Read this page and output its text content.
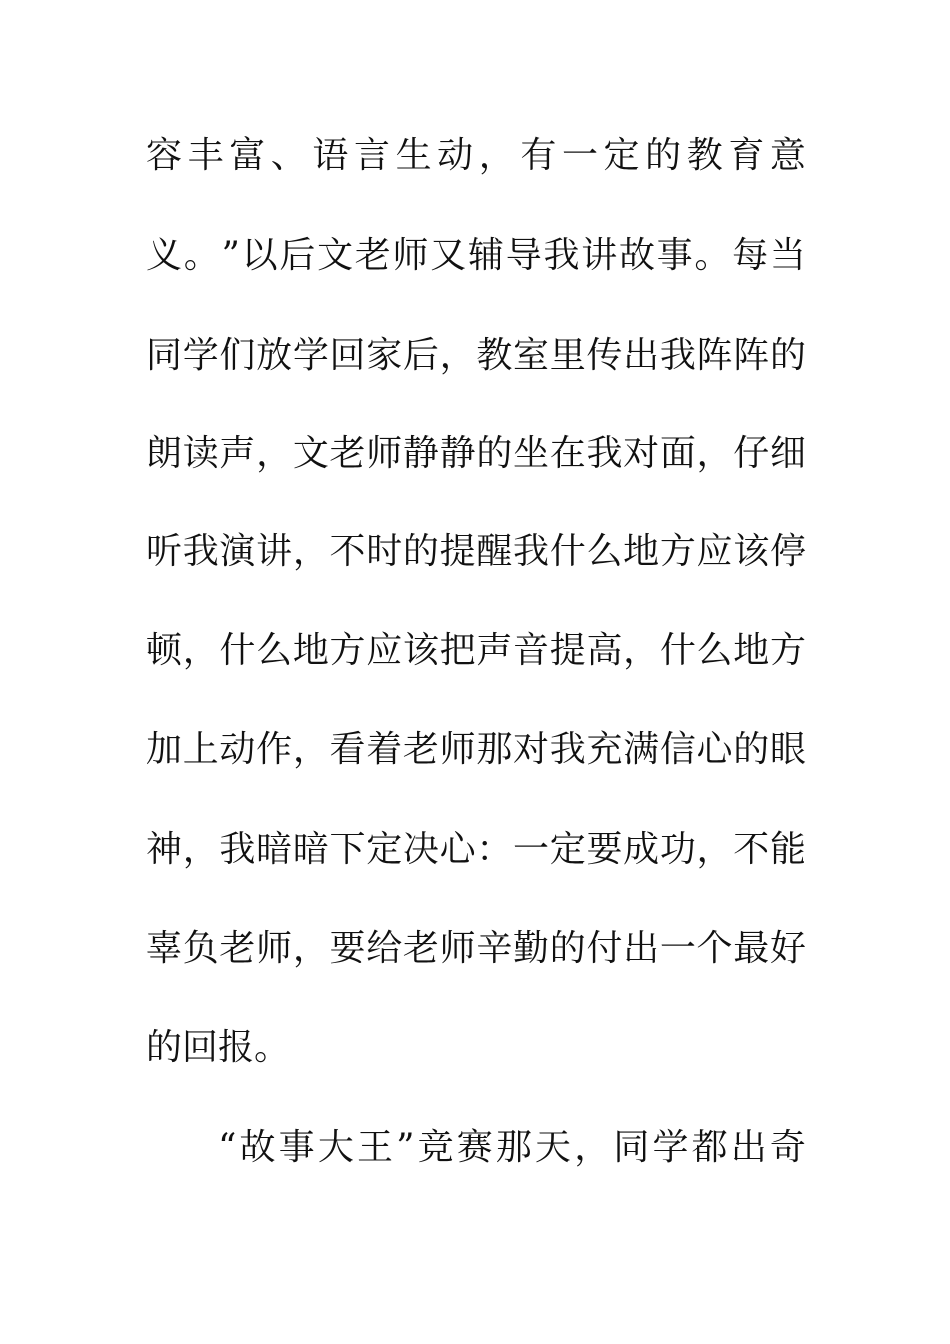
容 丰 富 、 语 言 生 动 ， 有 一 定 的 教 育 意
义 。 ” 以 后 文 老 师 又 辅 导 我 讲 故 事 。 每 当
同 学 们 放 学 回 家 后 ， 教 室 里 传 出 我 阵 阵 的
朗 读 声 ， 文 老 师 静 静 的 坐 在 我 对 面 ， 仔 细
听 我 演 讲 ， 不 时 的 提 醒 我 什 么 地 方 应 该 停
顿 ， 什 么 地 方 应 该 把 声 音 提 高 ， 什 么 地 方
加 上 动 作 ， 看 着 老 师 那 对 我 充 满 信 心 的 眼
神 ， 我 暗 暗 下 定 决 心 ： 一 定 要 成 功 ， 不 能
辜 负 老 师 ， 要 给 老 师 辛 勤 的 付 出 一 个 最 好
的回报。
“ 故 事 大 王 ” 竞 赛 那 天 ， 同 学 都 出 奇
